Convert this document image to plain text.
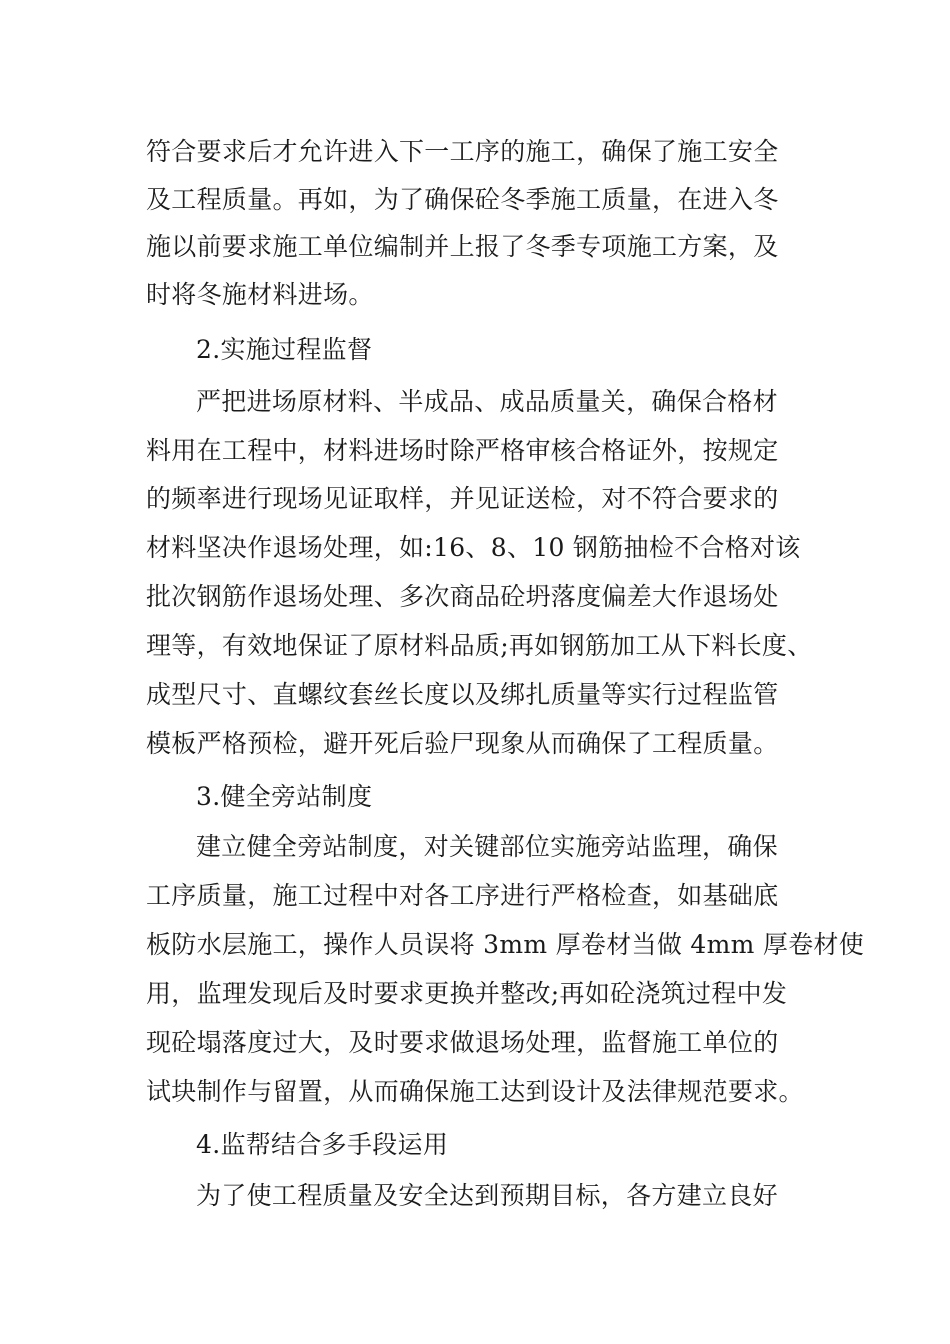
符合要求后才允许进入下一工序的施工，确保了施工安全
及工程质量。再如，为了确保砼冬季施工质量，在进入冬
施以前要求施工单位编制并上报了冬季专项施工方案，及
时将冬施材料进场。
2.实施过程监督
严把进场原材料、半成品、成品质量关，确保合格材
料用在工程中，材料进场时除严格审核合格证外，按规定
的频率进行现场见证取样，并见证送检，对不符合要求的
材料坚决作退场处理，如:16、8、10 钢筋抽检不合格对该
批次钢筋作退场处理、多次商品砼坍落度偏差大作退场处
理等，有效地保证了原材料品质;再如钢筋加工从下料长度、
成型尺寸、直螺纹套丝长度以及绑扎质量等实行过程监管
模板严格预检，避开死后验尸现象从而确保了工程质量。
3.健全旁站制度
建立健全旁站制度，对关键部位实施旁站监理，确保
工序质量，施工过程中对各工序进行严格检查，如基础底
板防水层施工，操作人员误将 3mm 厚卷材当做 4mm 厚卷材使
用，监理发现后及时要求更换并整改;再如砼浇筑过程中发
现砼塌落度过大，及时要求做退场处理，监督施工单位的
试块制作与留置，从而确保施工达到设计及法律规范要求。
4.监帮结合多手段运用
为了使工程质量及安全达到预期目标，各方建立良好
